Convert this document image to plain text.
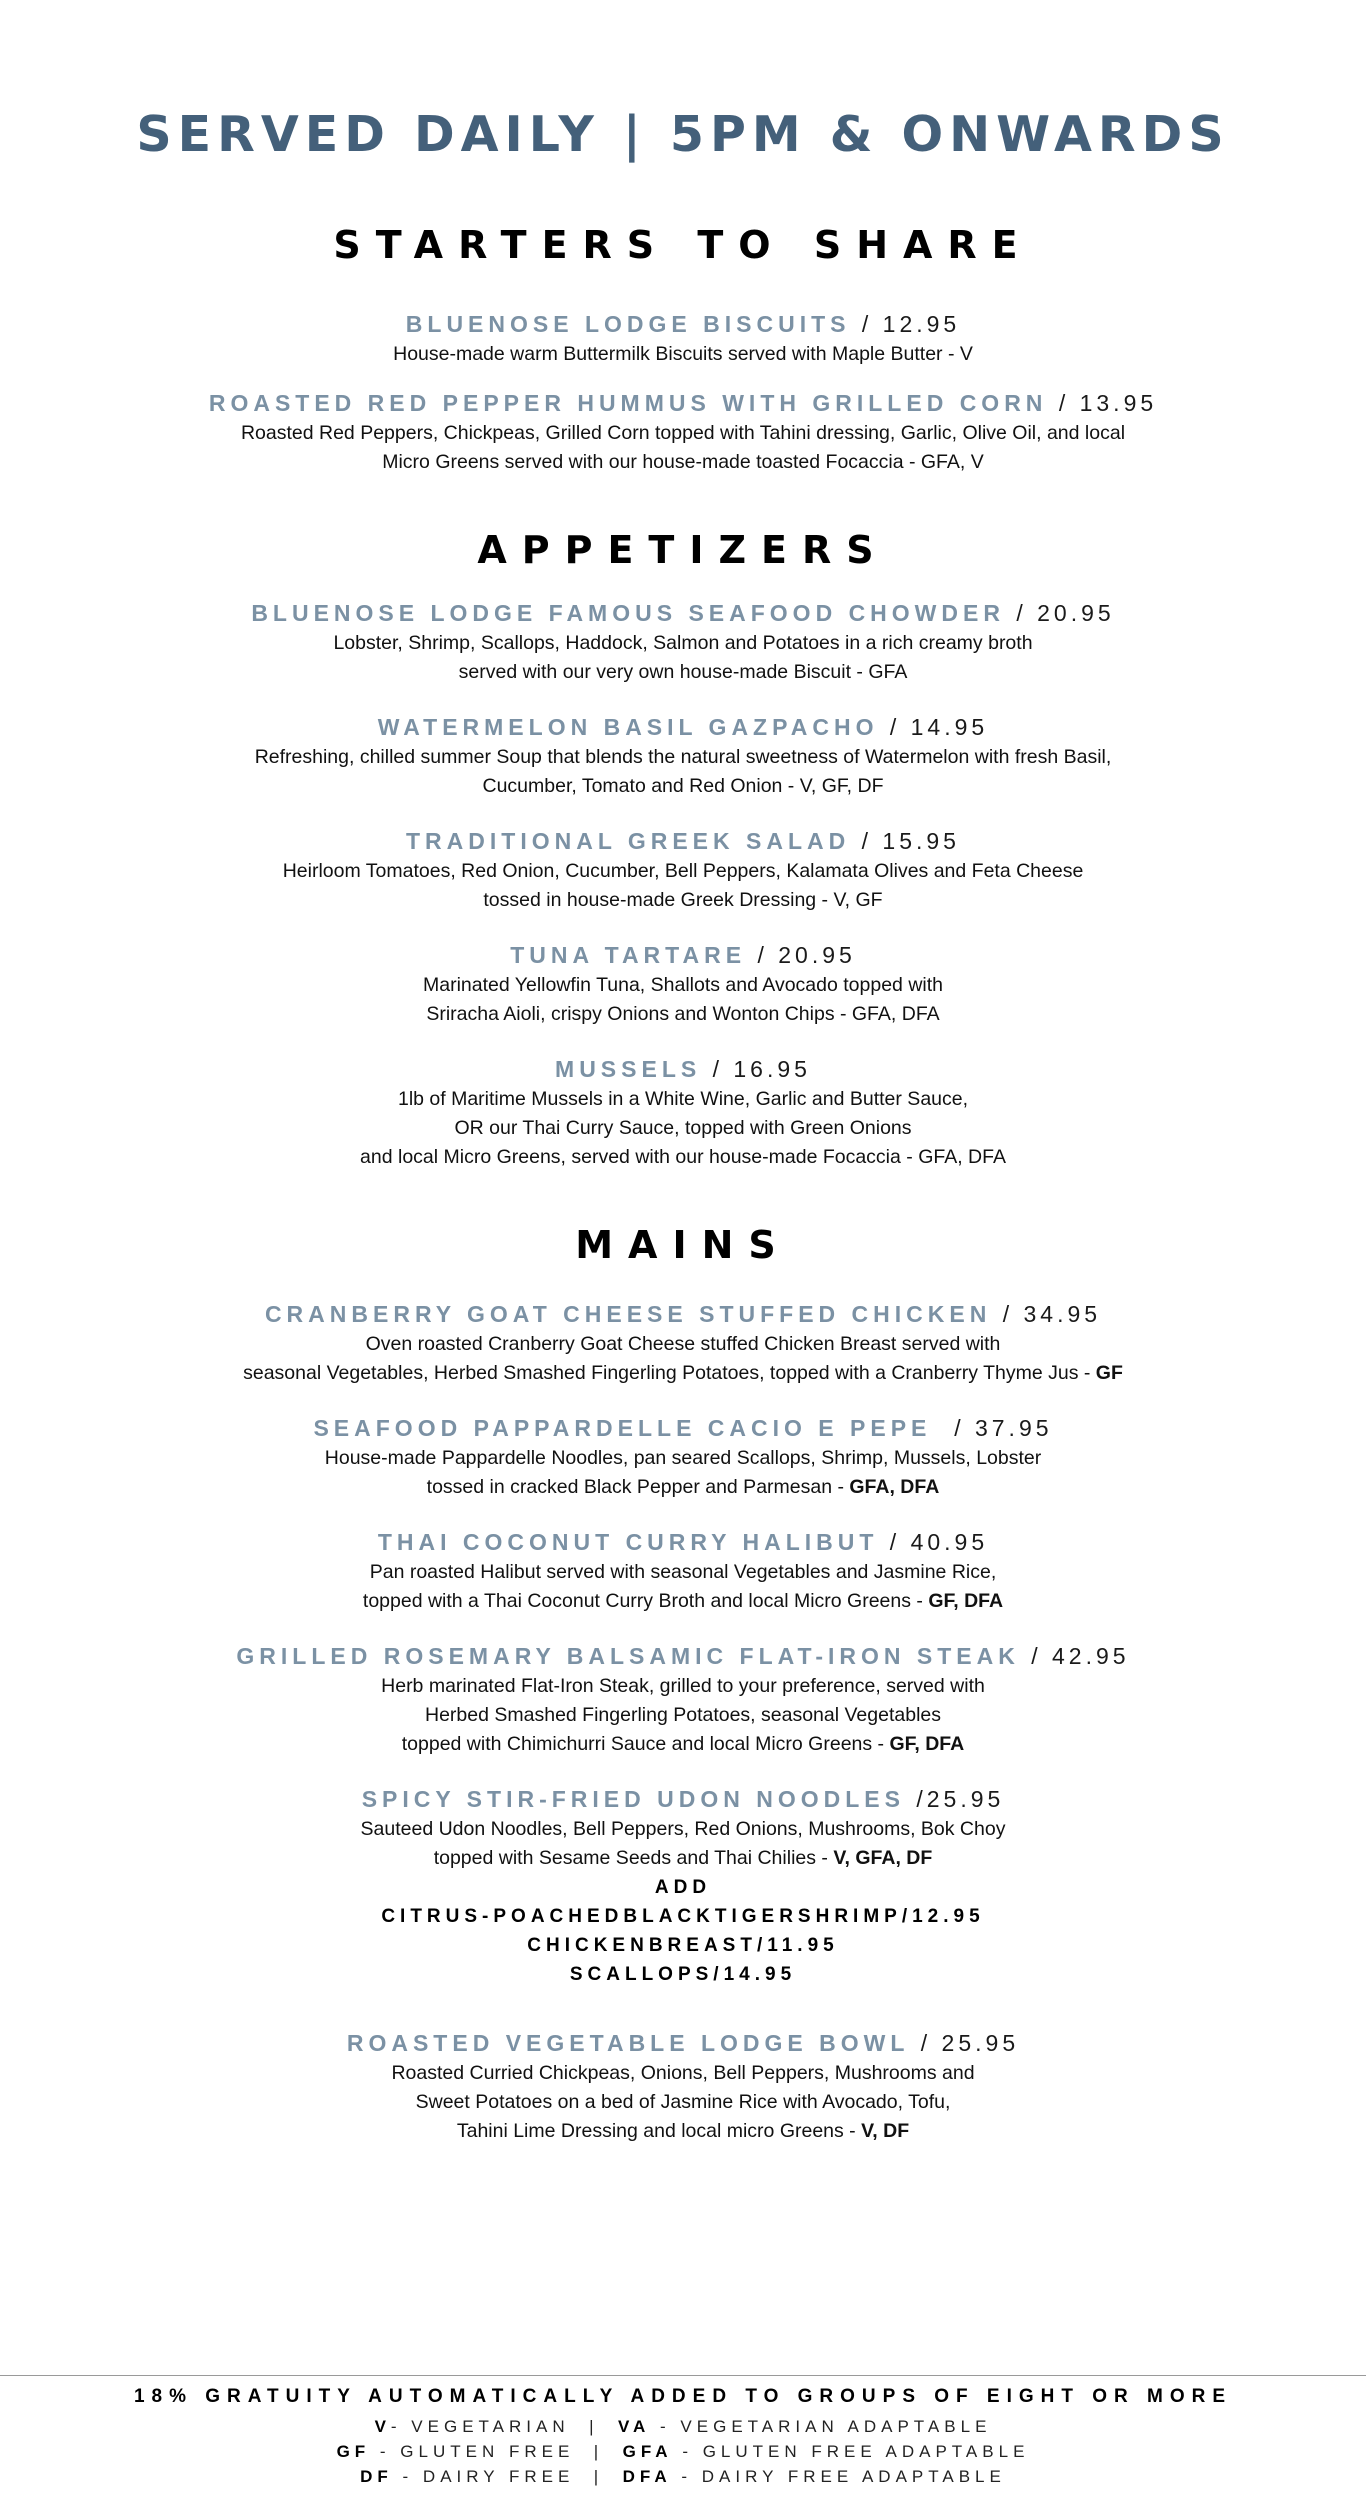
SERVED DAILY | 5PM & ONWARDS
STARTERS TO SHARE

BLUENOSE LODGE BISCUITS / 12.95

House-made warm Buttermilk Biscuits served with Maple Butter - V

ROASTED RED PEPPER HUMMUS WITH GRILLED CORN / 13.95

Roasted Red Peppers, Chickpeas, Grilled Corn topped with Tahini dressing, Garlic, Olive Oil, and local

Micro Greens served with our house-made toasted Focaccia - GFA, V

APPETIZERS

BLUENOSE LODGE FAMOUS SEAFOOD CHOWDER / 20.95

Lobster, Shrimp, Scallops, Haddock, Salmon and Potatoes in a rich creamy broth

served with our very own house-made Biscuit - GFA

WATERMELON BASIL GAZPACHO / 14.95

Refreshing, chilled summer Soup that blends the natural sweetness of Watermelon with fresh Basil,

Cucumber, Tomato and Red Onion - V, GF, DF

TRADITIONAL GREEK SALAD / 15.95

Heirloom Tomatoes, Red Onion, Cucumber, Bell Peppers, Kalamata Olives and Feta Cheese

tossed in house-made Greek Dressing - V, GF

TUNA TARTARE / 20.95

Marinated Yellowfin Tuna, Shallots and Avocado topped with

Sriracha Aioli, crispy Onions and Wonton Chips - GFA, DFA

MUSSELS / 16.95

1lb of Maritime Mussels in a White Wine, Garlic and Butter Sauce,

OR our Thai Curry Sauce, topped with Green Onions

and local Micro Greens, served with our house-made Focaccia - GFA, DFA

MAINS

CRANBERRY GOAT CHEESE STUFFED CHICKEN / 34.95

Oven roasted Cranberry Goat Cheese stuffed Chicken Breast served with

seasonal Vegetables, Herbed Smashed Fingerling Potatoes, topped with a Cranberry Thyme Jus - GF

SEAFOOD PAPPARDELLE CACIO E PEPE / 37.95

House-made Pappardelle Noodles, pan seared Scallops, Shrimp, Mussels, Lobster

tossed in cracked Black Pepper and Parmesan - GFA, DFA

THAI COCONUT CURRY HALIBUT / 40.95

Pan roasted Halibut served with seasonal Vegetables and Jasmine Rice,

topped with a Thai Coconut Curry Broth and local Micro Greens - GF, DFA

GRILLED ROSEMARY BALSAMIC FLAT-IRON STEAK / 42.95

Herb marinated Flat-Iron Steak, grilled to your preference, served with

Herbed Smashed Fingerling Potatoes, seasonal Vegetables

topped with Chimichurri Sauce and local Micro Greens - GF, DFA

SPICY STIR-FRIED UDON NOODLES /25.95

Sauteed Udon Noodles, Bell Peppers, Red Onions, Mushrooms, Bok Choy

topped with Sesame Seeds and Thai Chilies - V, GFA, DF

ADD
CITRUS-POACHEDBLACKTIGERSHRIMP/12.95
CHICKENBREAST/11.95
SCALLOPS/14.95

ROASTED VEGETABLE LODGE BOWL / 25.95

Roasted Curried Chickpeas, Onions, Bell Peppers, Mushrooms and

Sweet Potatoes on a bed of Jasmine Rice with Avocado, Tofu,

Tahini Lime Dressing and local micro Greens - V, DF

18% GRATUITY AUTOMATICALLY ADDED TO GROUPS OF EIGHT OR MORE

V- VEGETARIAN  |  VA - VEGETARIAN ADAPTABLE

GF - GLUTEN FREE  |  GFA - GLUTEN FREE ADAPTABLE

DF - DAIRY FREE  |  DFA - DAIRY FREE ADAPTABLE
